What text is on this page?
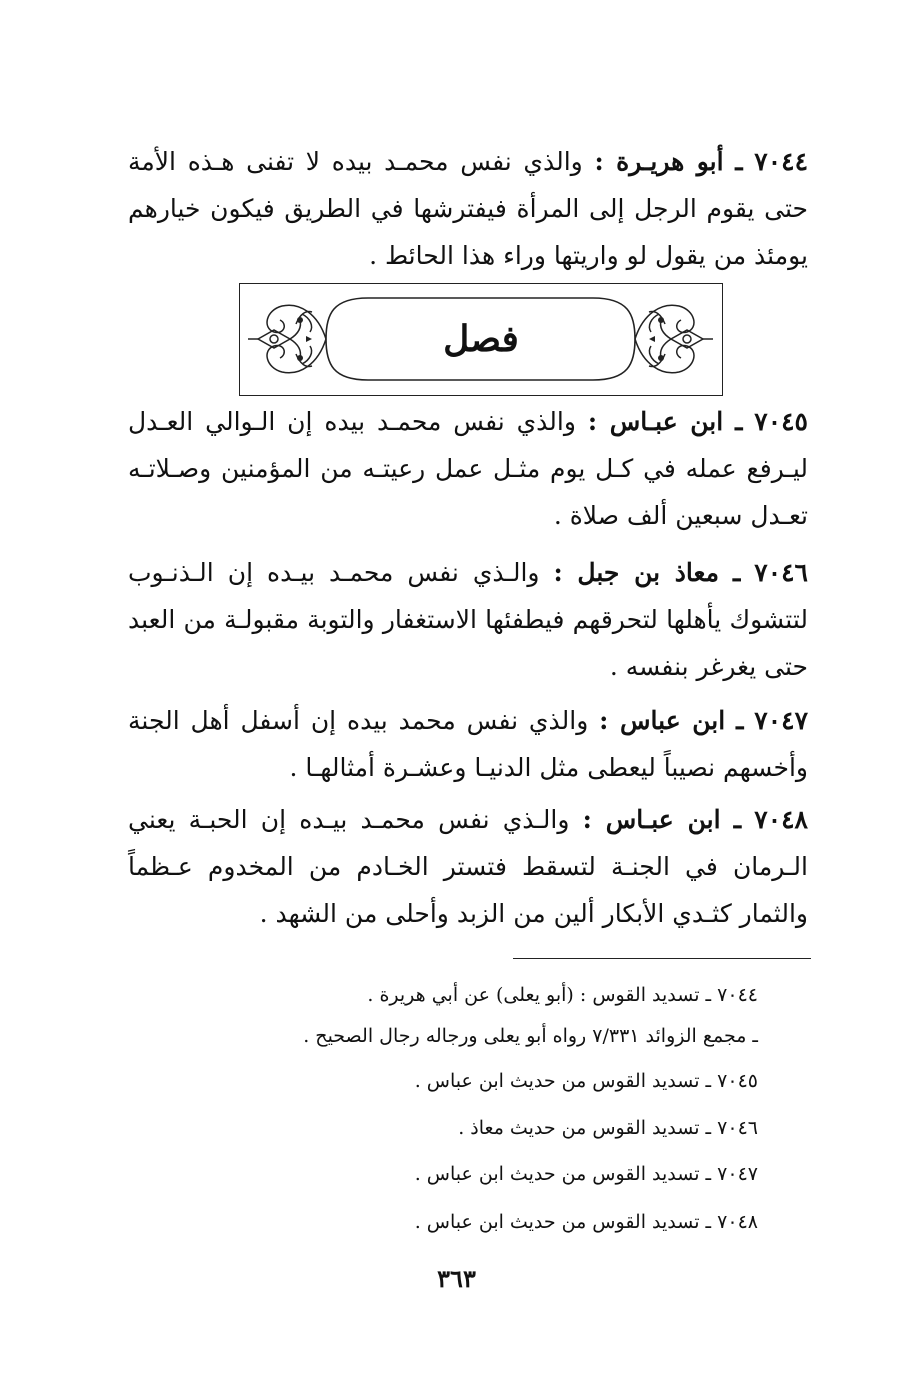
٧٠٤٤ ـ أبو هريـرة : والذي نفس محمـد بيده لا تفنى هـذه الأمة حتى يقوم الرجل إلى المرأة فيفترشها في الطريق فيكون خيارهم يومئذ من يقول لو واريتها وراء هذا الحائط .

فصل

٧٠٤٥ ـ ابن عبـاس : والذي نفس محمـد بيده إن الـوالي العـدل ليـرفع عمله في كـل يوم مثـل عمل رعيتـه من المؤمنين وصـلاتـه تعـدل سبعين ألف صلاة .

٧٠٤٦ ـ معاذ بن جبل : والـذي نفس محمـد بيـده إن الـذنـوب لتتشوك يأهلها لتحرقهم فيطفئها الاستغفار والتوبة مقبولـة من العبد حتى يغرغر بنفسه .

٧٠٤٧ ـ ابن عباس : والذي نفس محمد بيده إن أسفل أهل الجنة وأخسهم نصيباً ليعطى مثل الدنيـا وعشـرة أمثالهـا .

٧٠٤٨ ـ ابن عبـاس : والـذي نفس محمـد بيـده إن الحبـة يعني الـرمان في الجنـة لتسقط فتستر الخـادم من المخدوم عـظماً والثمار كثـدي الأبكار ألين من الزبد وأحلى من الشهد .

٧٠٤٤ ـ تسديد القوس : (أبو يعلى) عن أبي هريرة .

ـ مجمع الزوائد ٧/٣٣١ رواه أبو يعلى ورجاله رجال الصحيح .

٧٠٤٥ ـ تسديد القوس من حديث ابن عباس .

٧٠٤٦ ـ تسديد القوس من حديث معاذ .

٧٠٤٧ ـ تسديد القوس من حديث ابن عباس .

٧٠٤٨ ـ تسديد القوس من حديث ابن عباس .

٣٦٣
